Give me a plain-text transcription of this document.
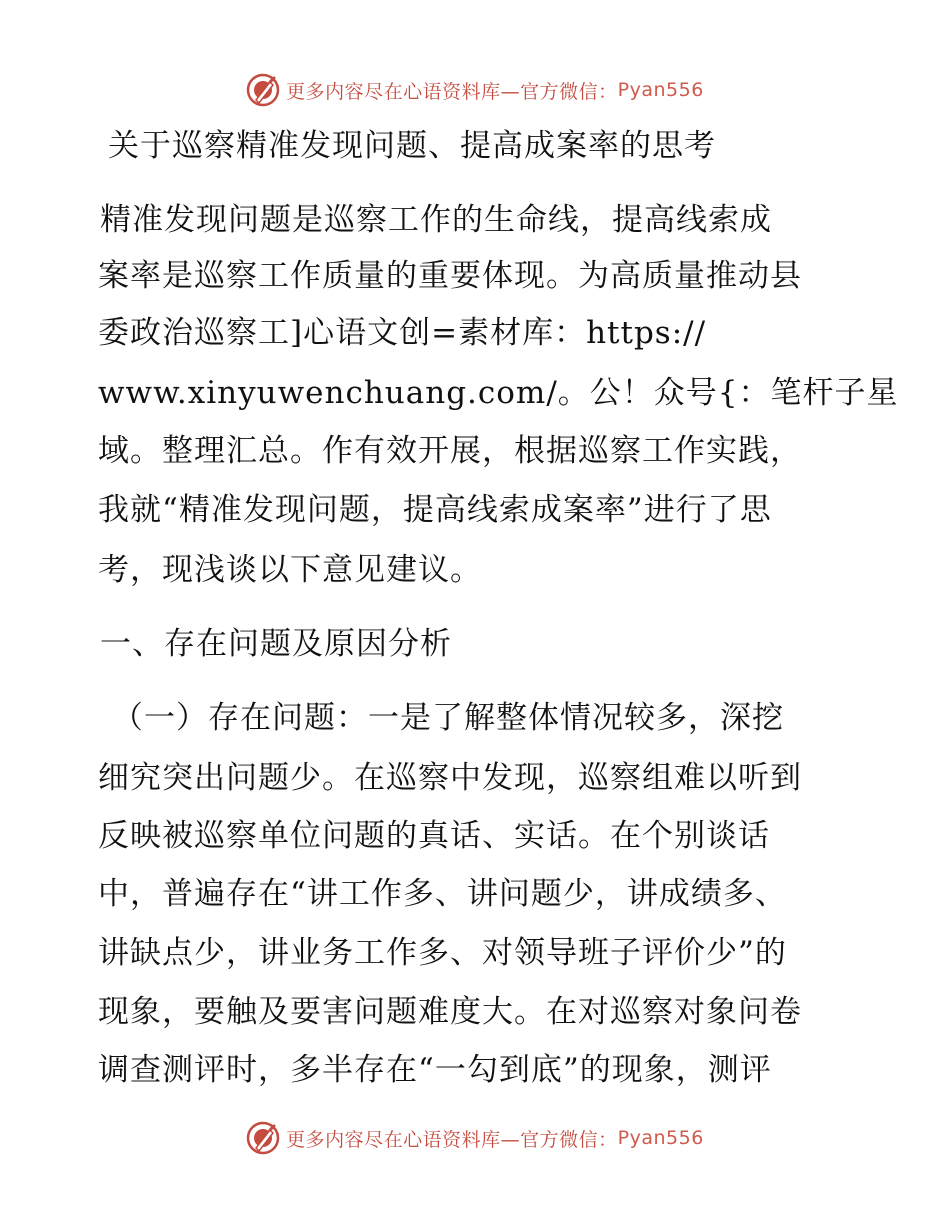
更多内容尽在心语资料库—官方微信： Pyan556

关于巡察精准发现问题、提高成案率的思考

精准发现问题是巡察工作的生命线，提高线索成

案率是巡察工作质量的重要体现。为高质量推动县

委政治巡察工]心语文创=素材库：https://

www.xinyuwenchuang.com/。公！众号{：笔杆子星

域。整理汇总。作有效开展，根据巡察工作实践，

我就“精准发现问题，提高线索成案率”进行了思

考，现浅谈以下意见建议。

一、存在问题及原因分析

（一）存在问题：一是了解整体情况较多，深挖

细究突出问题少。在巡察中发现，巡察组难以听到

反映被巡察单位问题的真话、实话。在个别谈话

中，普遍存在“讲工作多、讲问题少，讲成绩多、

讲缺点少，讲业务工作多、对领导班子评价少”的

现象，要触及要害问题难度大。在对巡察对象问卷

调查测评时，多半存在“一勾到底”的现象，测评

更多内容尽在心语资料库—官方微信： Pyan556
